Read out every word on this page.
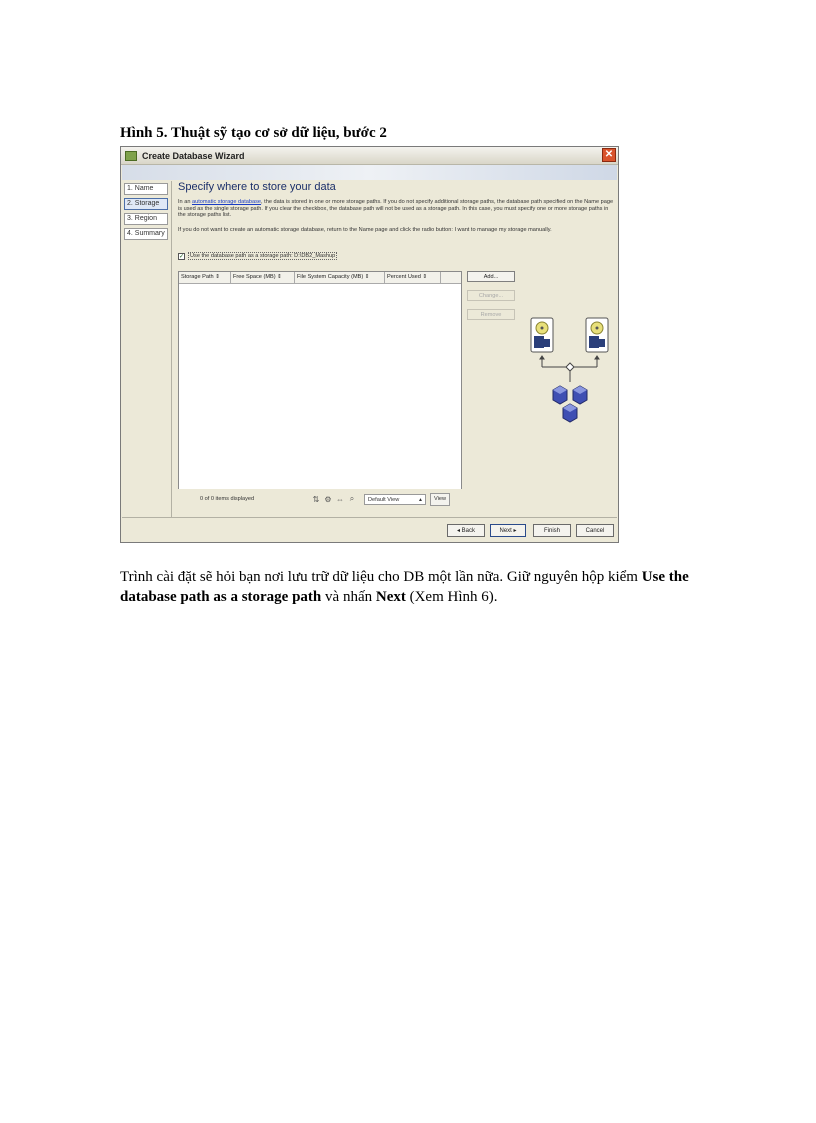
Hình 5. Thuật sỹ tạo cơ sở dữ liệu, bước 2

Create Database Wizard	✕
1. Name
2. Storage
3. Region
4. Summary

Specify where to store your data

In an automatic storage database, the data is stored in one or more storage paths. If you do not specify additional storage paths, the database path specified on the Name page is used as the single storage path. If you clear the checkbox, the database path will not be used as a storage path. In this case, you must specify one or more storage paths in the storage paths list.

If you do not want to create an automatic storage database, return to the Name page and click the radio button: I want to manage my storage manually.

✓	Use the database path as a storage path: D:\DB2_Mashup
Storage Path ⇕	Free Space (MB) ⇕	File System Capacity (MB) ⇕	Percent Used ⇕
0 of 0 items displayed	⇅ ⚙ ⇔ ⌕	Default View	▲	View
Add...
Change...
Remove
◂ Back	Next ▸	Finish	Cancel

Trình cài đặt sẽ hỏi bạn nơi lưu trữ dữ liệu cho DB một lần nữa. Giữ nguyên hộp kiểm Use the database path as a storage path và nhấn Next (Xem Hình 6).
